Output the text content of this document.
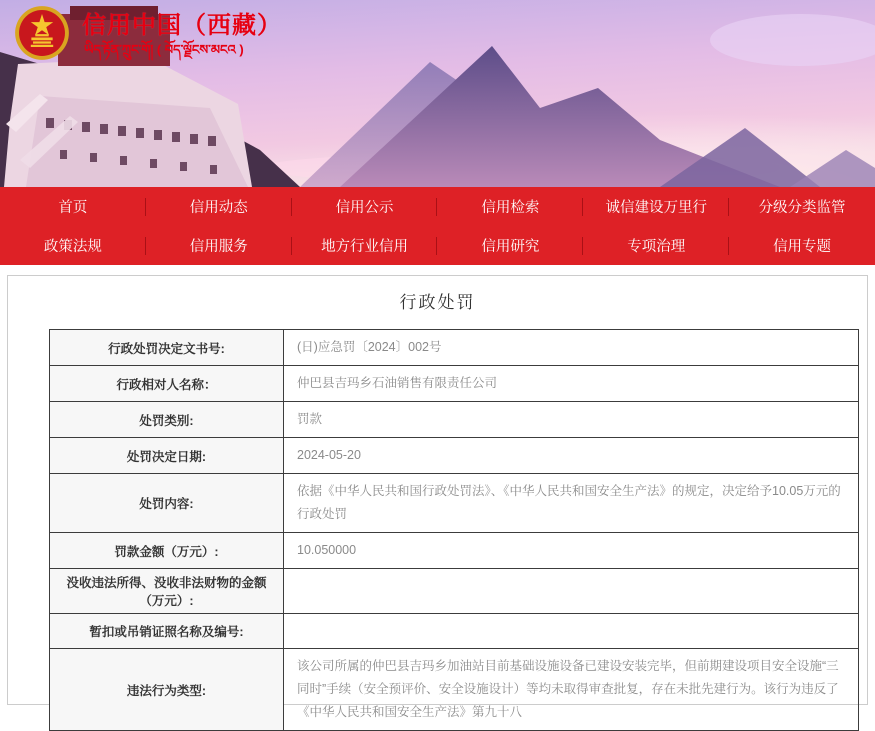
信用中国（西藏）
ཡིད་རྟོན་ཀྲུང་གོ། ( བོད་ལྗོངས་མངའ )
首页	信用动态	信用公示	信用检索	诚信建设万里行	分级分类监管
政策法规	信用服务	地方行业信用	信用研究	专项治理	信用专题
行政处罚
行政处罚决定文书号:	(日)应急罚〔2024〕002号
行政相对人名称：	仲巴县吉玛乡石油销售有限责任公司
处罚类别:	罚款
处罚决定日期:	2024-05-20
处罚内容:	依据《中华人民共和国行政处罚法》、《中华人民共和国安全生产法》的规定，决定给予10.05万元的行政处罚
罚款金额（万元）:	10.050000
没收违法所得、没收非法财物的金额（万元）:	
暂扣或吊销证照名称及编号:	
违法行为类型:	该公司所属的仲巴县吉玛乡加油站目前基础设施设备已建设安装完毕，但前期建设项目安全设施“三同时”手续（安全预评价、安全设施设计）等均未取得审查批复，存在未批先建行为。该行为违反了《中华人民共和国安全生产法》第九十八
